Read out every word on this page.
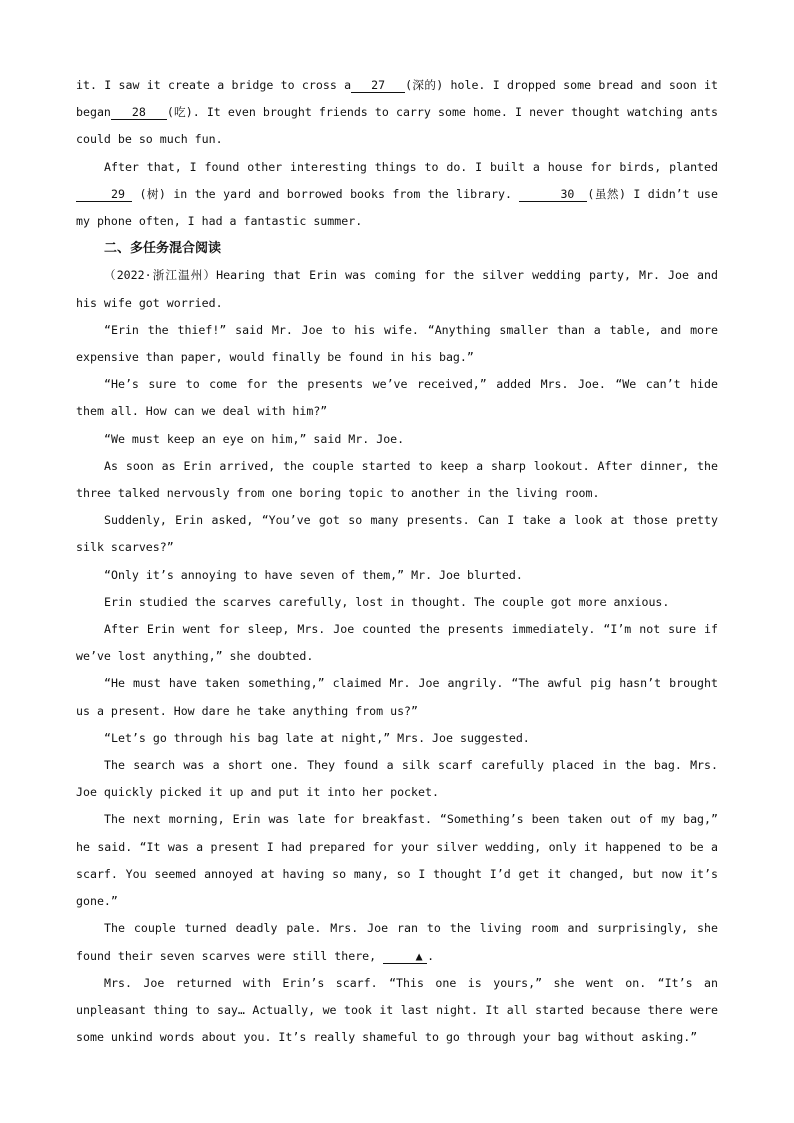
it. I saw it create a bridge to cross a 27 (深的) hole. I dropped some bread and soon it began 28 (吃). It even brought friends to carry some home. I never thought watching ants could be so much fun.

After that, I found other interesting things to do. I built a house for birds, planted29 (树) in the yard and borrowed books from the library.	30 (虽然) I didn’t use my phone often, I had a fantastic summer.

二、多任务混合阅读

（2022·浙江温州）Hearing that Erin was coming for the silver wedding party, Mr. Joe and his wife got worried.

“Erin the thief!” said Mr. Joe to his wife. “Anything smaller than a table, and more expensive than paper, would finally be found in his bag.”

“He’s sure to come for the presents we’ve received,” added Mrs. Joe. “We can’t hide them all. How can we deal with him?”

“We must keep an eye on him,” said Mr. Joe.

As soon as Erin arrived, the couple started to keep a sharp lookout. After dinner, the three talked nervously from one boring topic to another in the living room.

Suddenly, Erin asked, “You’ve got so many presents. Can I take a look at those pretty silk scarves?”

“Only it’s annoying to have seven of them,” Mr. Joe blurted.

Erin studied the scarves carefully, lost in thought. The couple got more anxious.

After Erin went for sleep, Mrs. Joe counted the presents immediately. “I’m not sure if we’ve lost anything,” she doubted.

“He must have taken something,” claimed Mr. Joe angrily. “The awful pig hasn’t brought us a present. How dare he take anything from us?”

“Let’s go through his bag late at night,” Mrs. Joe suggested.

The search was a short one. They found a silk scarf carefully placed in the bag. Mrs. Joe quickly picked it up and put it into her pocket.

The next morning, Erin was late for breakfast. “Something’s been taken out of my bag,” he said. “It was a present I had prepared for your silver wedding, only it happened to be a scarf. You seemed annoyed at having so many, so I thought I’d get it changed, but now it’s gone.”

The couple turned deadly pale. Mrs. Joe ran to the living room and surprisingly, she found their seven scarves were still there,	▲ .

Mrs. Joe returned with Erin’s scarf. “This one is yours,” she went on. “It’s an unpleasant thing to say… Actually, we took it last night. It all started because there were some unkind words about you. It’s really shameful to go through your bag without asking.”
